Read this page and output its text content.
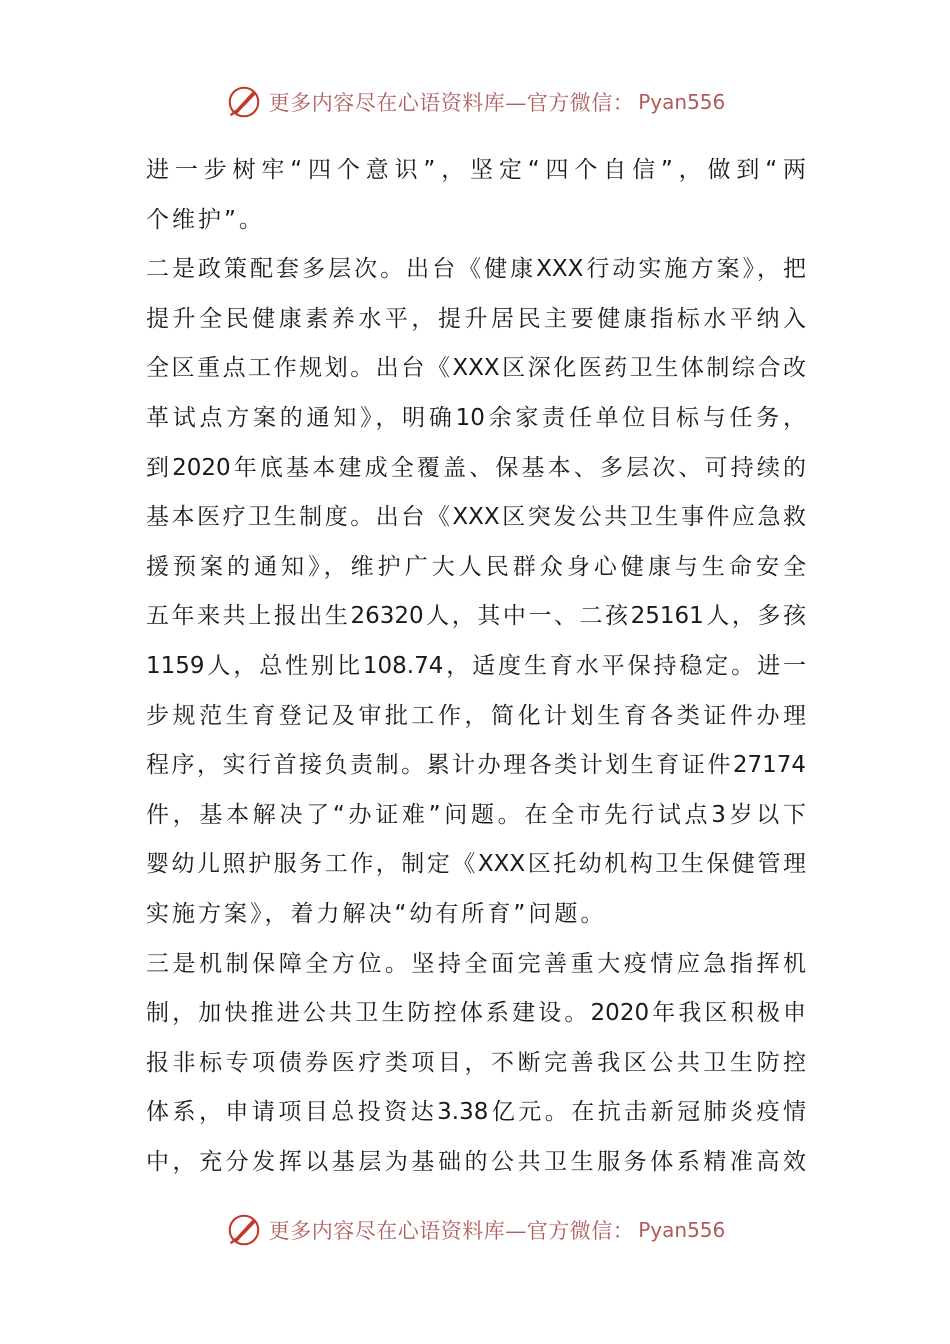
更多内容尽在心语资料库—官方微信： Pyan556
进一步树牢“四个意识”，坚定“四个自信”，做到“两
个维护”。
二是政策配套多层次。出台《健康XXX行动实施方案》，把
提升全民健康素养水平，提升居民主要健康指标水平纳入
全区重点工作规划。出台《XXX区深化医药卫生体制综合改
革试点方案的通知》，明确10余家责任单位目标与任务，
到2020年底基本建成全覆盖、保基本、多层次、可持续的
基本医疗卫生制度。出台《XXX区突发公共卫生事件应急救
援预案的通知》，维护广大人民群众身心健康与生命安全
五年来共上报出生26320人，其中一、二孩25161人，多孩
1159人，总性别比108.74，适度生育水平保持稳定。进一
步规范生育登记及审批工作，简化计划生育各类证件办理
程序，实行首接负责制。累计办理各类计划生育证件27174
件，基本解决了“办证难”问题。在全市先行试点3岁以下
婴幼儿照护服务工作，制定《XXX区托幼机构卫生保健管理
实施方案》，着力解决“幼有所育”问题。
三是机制保障全方位。坚持全面完善重大疫情应急指挥机
制，加快推进公共卫生防控体系建设。2020年我区积极申
报非标专项债券医疗类项目，不断完善我区公共卫生防控
体系，申请项目总投资达3.38亿元。在抗击新冠肺炎疫情
中，充分发挥以基层为基础的公共卫生服务体系精准高效
更多内容尽在心语资料库—官方微信： Pyan556
